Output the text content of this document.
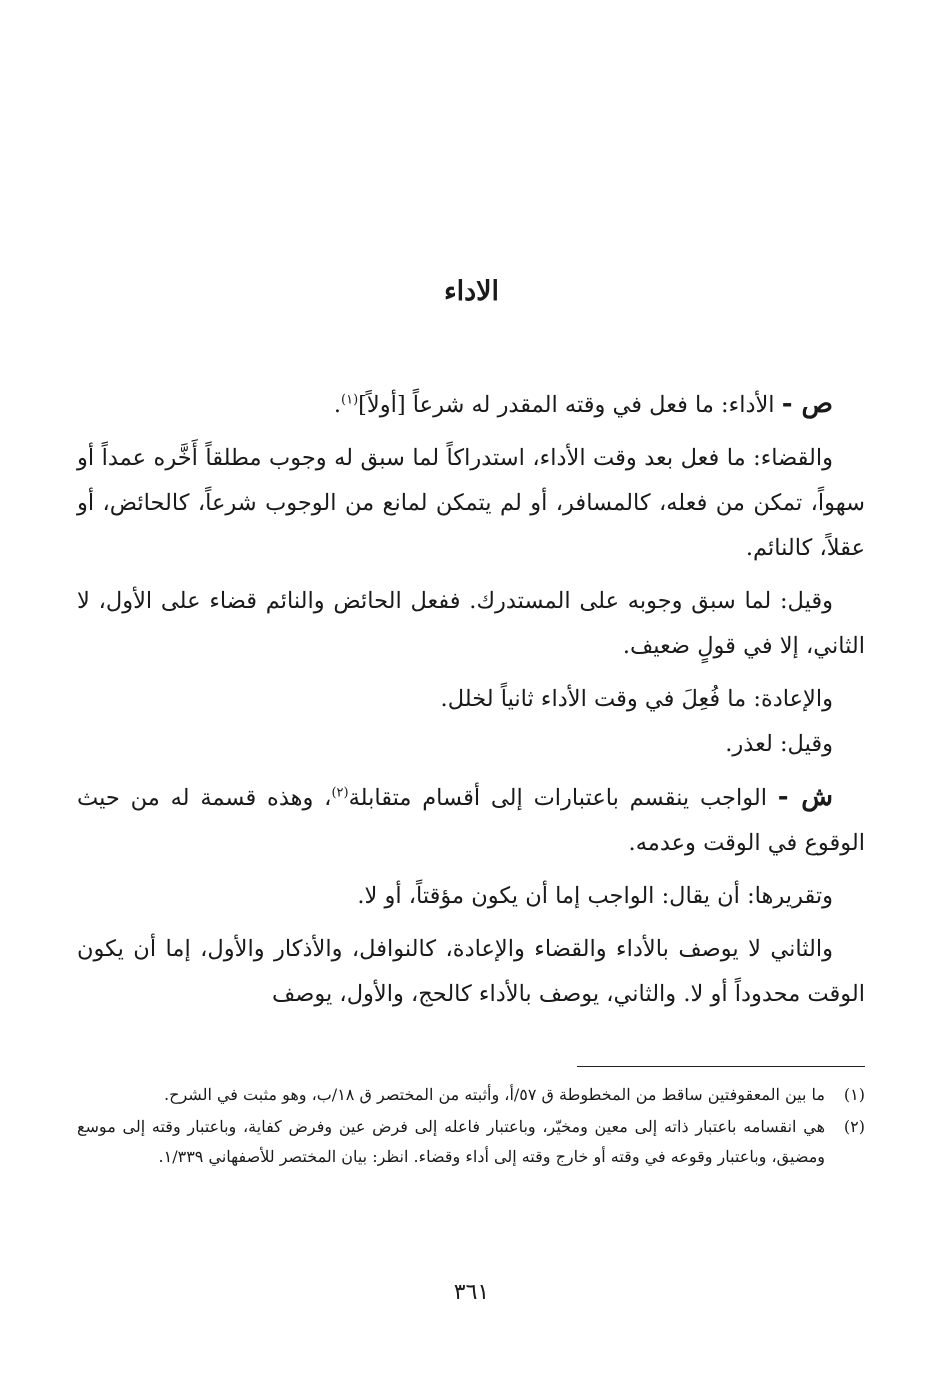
الاداء

ص - الأداء: ما فعل في وقته المقدر له شرعاً [أولاً]$^{(١)}$.

والقضاء: ما فعل بعد وقت الأداء، استدراكاً لما سبق له وجوب مطلقاً أَخَّره عمداً أو سهواً، تمكن من فعله، كالمسافر، أو لم يتمكن لمانع من الوجوب شرعاً، كالحائض، أو عقلاً، كالنائم.

وقيل: لما سبق وجوبه على المستدرك. ففعل الحائض والنائم قضاء على الأول، لا الثاني، إلا في قولٍ ضعيف.

والإعادة: ما فُعِلَ في وقت الأداء ثانياً لخلل.

وقيل: لعذر.

ش - الواجب ينقسم باعتبارات إلى أقسام متقابلة$^{(٢)}$، وهذه قسمة له من حيث الوقوع في الوقت وعدمه.

وتقريرها: أن يقال: الواجب إما أن يكون مؤقتاً، أو لا.

والثاني لا يوصف بالأداء والقضاء والإعادة، كالنوافل، والأذكار والأول، إما أن يكون الوقت محدوداً أو لا. والثاني، يوصف بالأداء كالحج، والأول، يوصف

(١)
ما بين المعقوفتين ساقط من المخطوطة ق ٥٧/أ، وأثبته من المختصر ق ١٨/ب، وهو مثبت في الشرح.
(٢)
هي انقسامه باعتبار ذاته إلى معين ومخيّر، وباعتبار فاعله إلى فرض عين وفرض كفاية، وباعتبار وقته إلى موسع ومضيق، وباعتبار وقوعه في وقته أو خارج وقته إلى أداء وقضاء. انظر: بيان المختصر للأصفهاني ١/٣٣٩.
٣٦١
